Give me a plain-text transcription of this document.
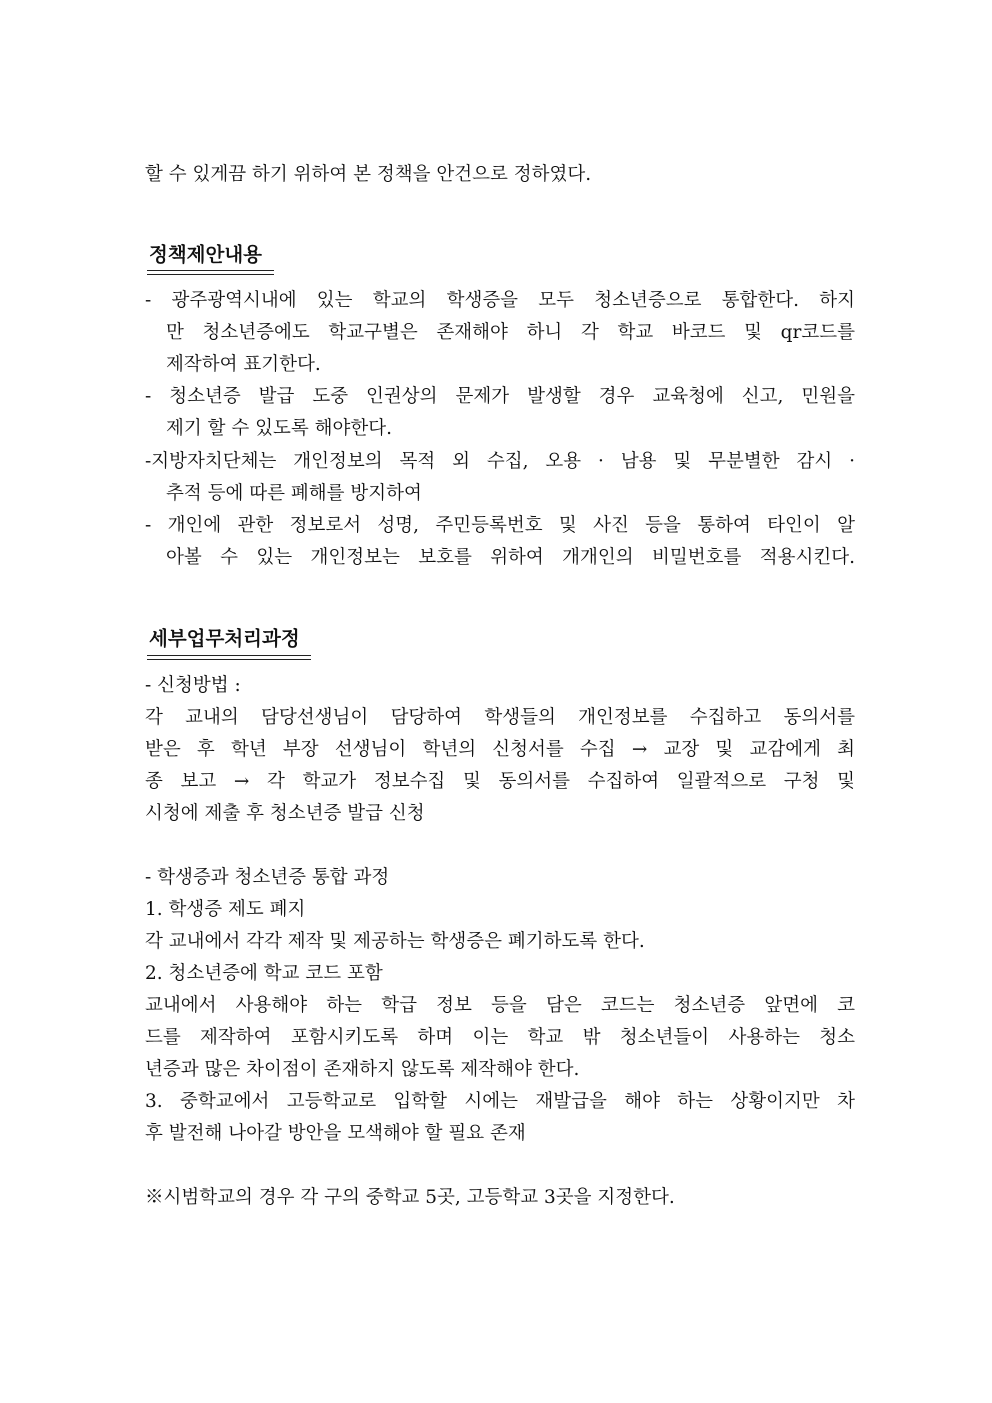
할 수 있게끔 하기 위하여 본 정책을 안건으로 정하였다.
정책제안내용
- 광주광역시내에 있는 학교의 학생증을 모두 청소년증으로 통합한다. 하지
만 청소년증에도 학교구별은 존재해야 하니 각 학교 바코드 및 qr코드를
제작하여 표기한다.
- 청소년증 발급 도중 인권상의 문제가 발생할 경우 교육청에 신고, 민원을
제기 할 수 있도록 해야한다.
-지방자치단체는 개인정보의 목적 외 수집, 오용 · 남용 및 무분별한 감시 ·
추적 등에 따른 폐해를 방지하여
- 개인에 관한 정보로서 성명, 주민등록번호 및 사진 등을 통하여 타인이 알
아볼 수 있는 개인정보는 보호를 위하여 개개인의 비밀번호를 적용시킨다.
세부업무처리과정
- 신청방법 :
각 교내의 담당선생님이 담당하여 학생들의 개인정보를 수집하고 동의서를
받은 후 학년 부장 선생님이 학년의 신청서를 수집 → 교장 및 교감에게 최
종 보고 → 각 학교가 정보수집 및 동의서를 수집하여 일괄적으로 구청 및
시청에 제출 후 청소년증 발급 신청
- 학생증과 청소년증 통합 과정
1. 학생증 제도 폐지
각 교내에서 각각 제작 및 제공하는 학생증은 폐기하도록 한다.
2. 청소년증에 학교 코드 포함
교내에서 사용해야 하는 학급 정보 등을 담은 코드는 청소년증 앞면에 코
드를 제작하여 포함시키도록 하며 이는 학교 밖 청소년들이 사용하는 청소
년증과 많은 차이점이 존재하지 않도록 제작해야 한다.
3. 중학교에서 고등학교로 입학할 시에는 재발급을 해야 하는 상황이지만 차
후 발전해 나아갈 방안을 모색해야 할 필요 존재
※시범학교의 경우 각 구의 중학교 5곳, 고등학교 3곳을 지정한다.
